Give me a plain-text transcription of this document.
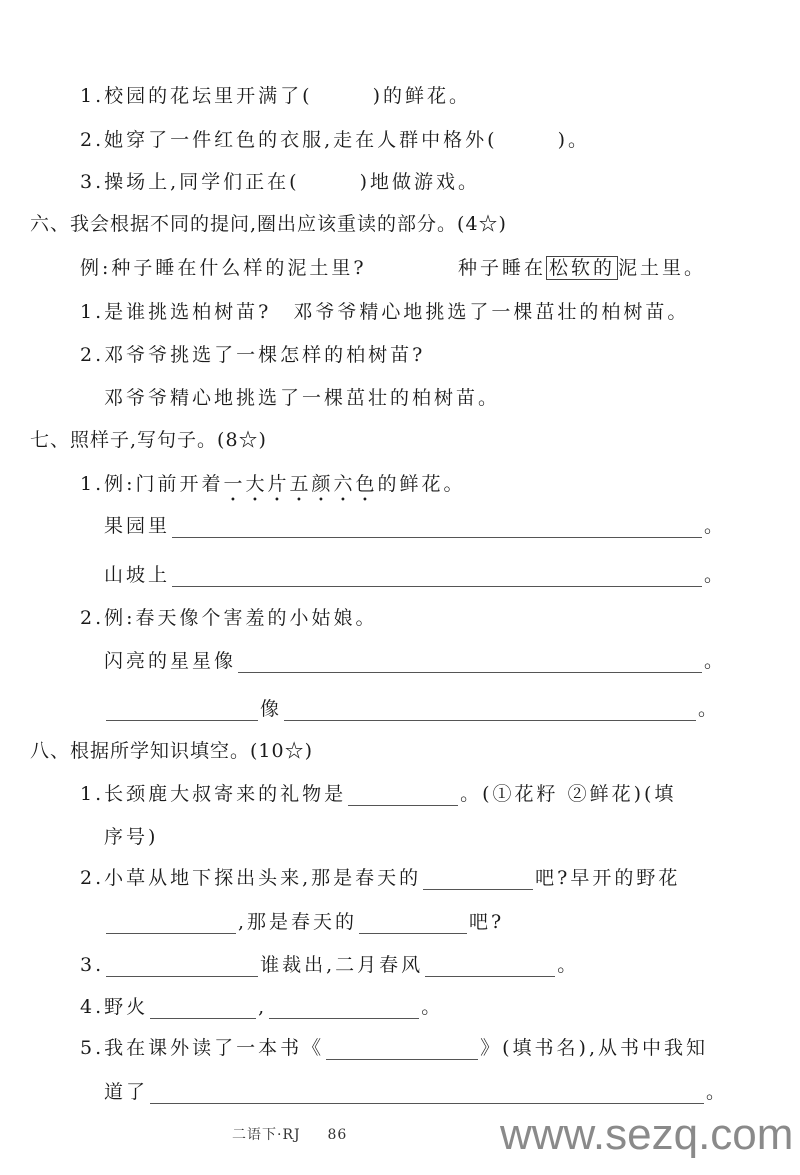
1.校园的花坛里开满了(	)的鲜花。
2.她穿了一件红色的衣服,走在人群中格外(	)。
3.操场上,同学们正在(	)地做游戏。
六、我会根据不同的提问,圈出应该重读的部分。(4☆)
例:种子睡在什么样的泥土里?	种子睡在 松软的 泥土里。
1.是谁挑选柏树苗? 邓爷爷精心地挑选了一棵茁壮的柏树苗。
2.邓爷爷挑选了一棵怎样的柏树苗?
邓爷爷精心地挑选了一棵茁壮的柏树苗。
七、照样子,写句子。(8☆)
1.例:门前开着一大片五颜六色的鲜花。
果园里	。
山坡上	。
2.例:春天像个害羞的小姑娘。
闪亮的星星像	。
像	。
八、根据所学知识填空。(10☆)
1.长颈鹿大叔寄来的礼物是	。(①花籽 ②鲜花)(填
序号)
2.小草从地下探出头来,那是春天的	吧?早开的野花
,那是春天的	吧?
3.	谁裁出,二月春风	。
4.野火	,	。
5.我在课外读了一本书《	》(填书名),从书中我知
道了	。
二语下·RJ 86	www.sezq.com
